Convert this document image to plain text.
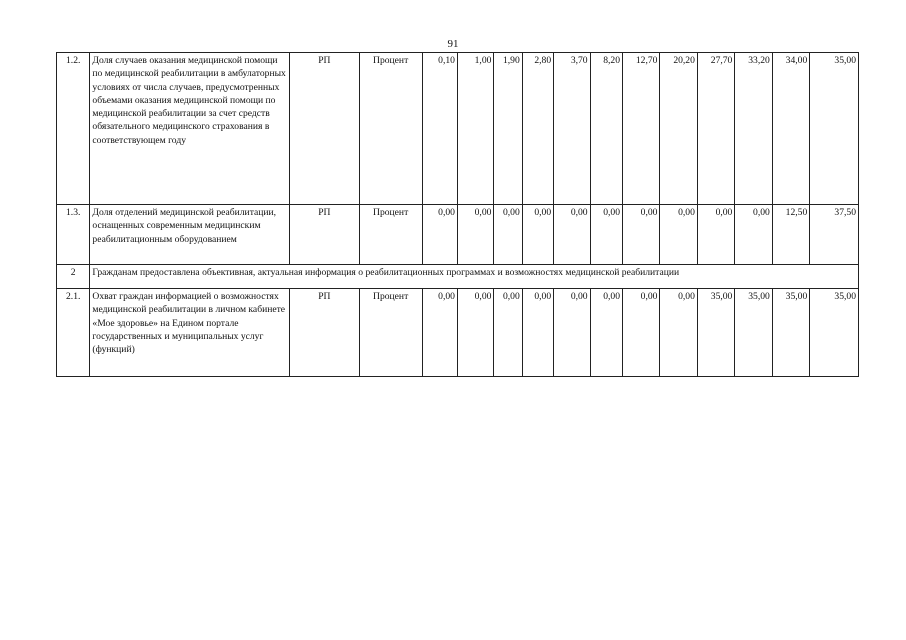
91
1.2.	Доля случаев оказания медицинской помощи по медицинской реабилитации в амбулаторных условиях от числа случаев, предусмотренных объемами оказания медицинской помощи по медицинской реабилитации за счет средств обязательного медицинского страхования в соответствующем году	РП	Процент	0,10	1,00	1,90	2,80	3,70	8,20	12,70	20,20	27,70	33,20	34,00	35,00
1.3.	Доля отделений медицинской реабилитации, оснащенных современным медицинским реабилитационным оборудованием	РП	Процент	0,00	0,00	0,00	0,00	0,00	0,00	0,00	0,00	0,00	0,00	12,50	37,50
2	Гражданам предоставлена объективная, актуальная информация о реабилитационных программах и возможностях медицинской реабилитации														
2.1.	Охват граждан информацией о возможностях медицинской реабилитации в личном кабинете «Мое здоровье» на Едином портале государственных и муниципальных услуг (функций)	РП	Процент	0,00	0,00	0,00	0,00	0,00	0,00	0,00	0,00	35,00	35,00	35,00	35,00
